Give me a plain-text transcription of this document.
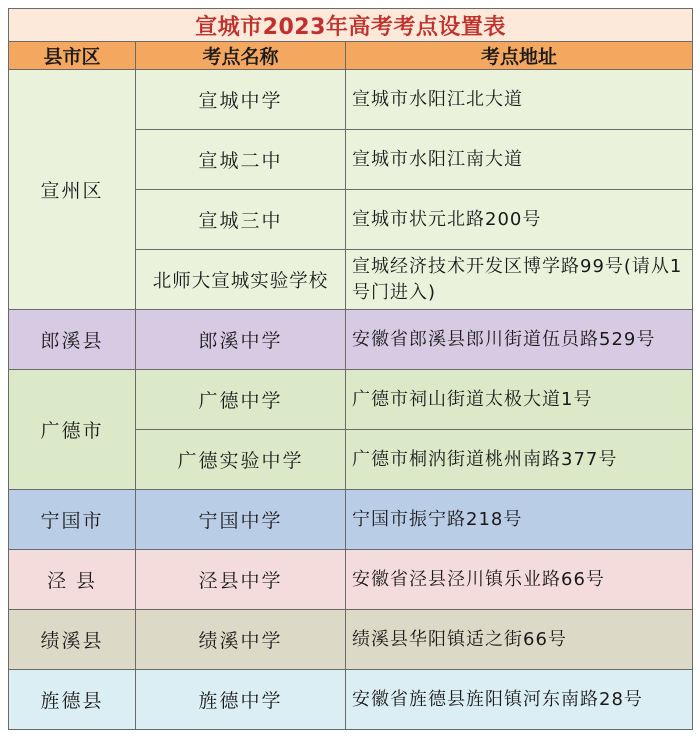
宣城市2023年高考考点设置表		
县市区	考点名称	考点地址
宣州区	宣城中学	宣城市水阳江北大道
	宣城二中	宣城市水阳江南大道
	宣城三中	宣城市状元北路200号
	北师大宣城实验学校	宣城经济技术开发区博学路99号(请从1号门进入)
郎溪县	郎溪中学	安徽省郎溪县郎川街道伍员路529号
广德市	广德中学	广德市祠山街道太极大道1号
	广德实验中学	广德市桐汭街道桃州南路377号
宁国市	宁国中学	宁国市振宁路218号
泾 县	泾县中学	安徽省泾县泾川镇乐业路66号
绩溪县	绩溪中学	绩溪县华阳镇适之街66号
旌德县	旌德中学	安徽省旌德县旌阳镇河东南路28号
